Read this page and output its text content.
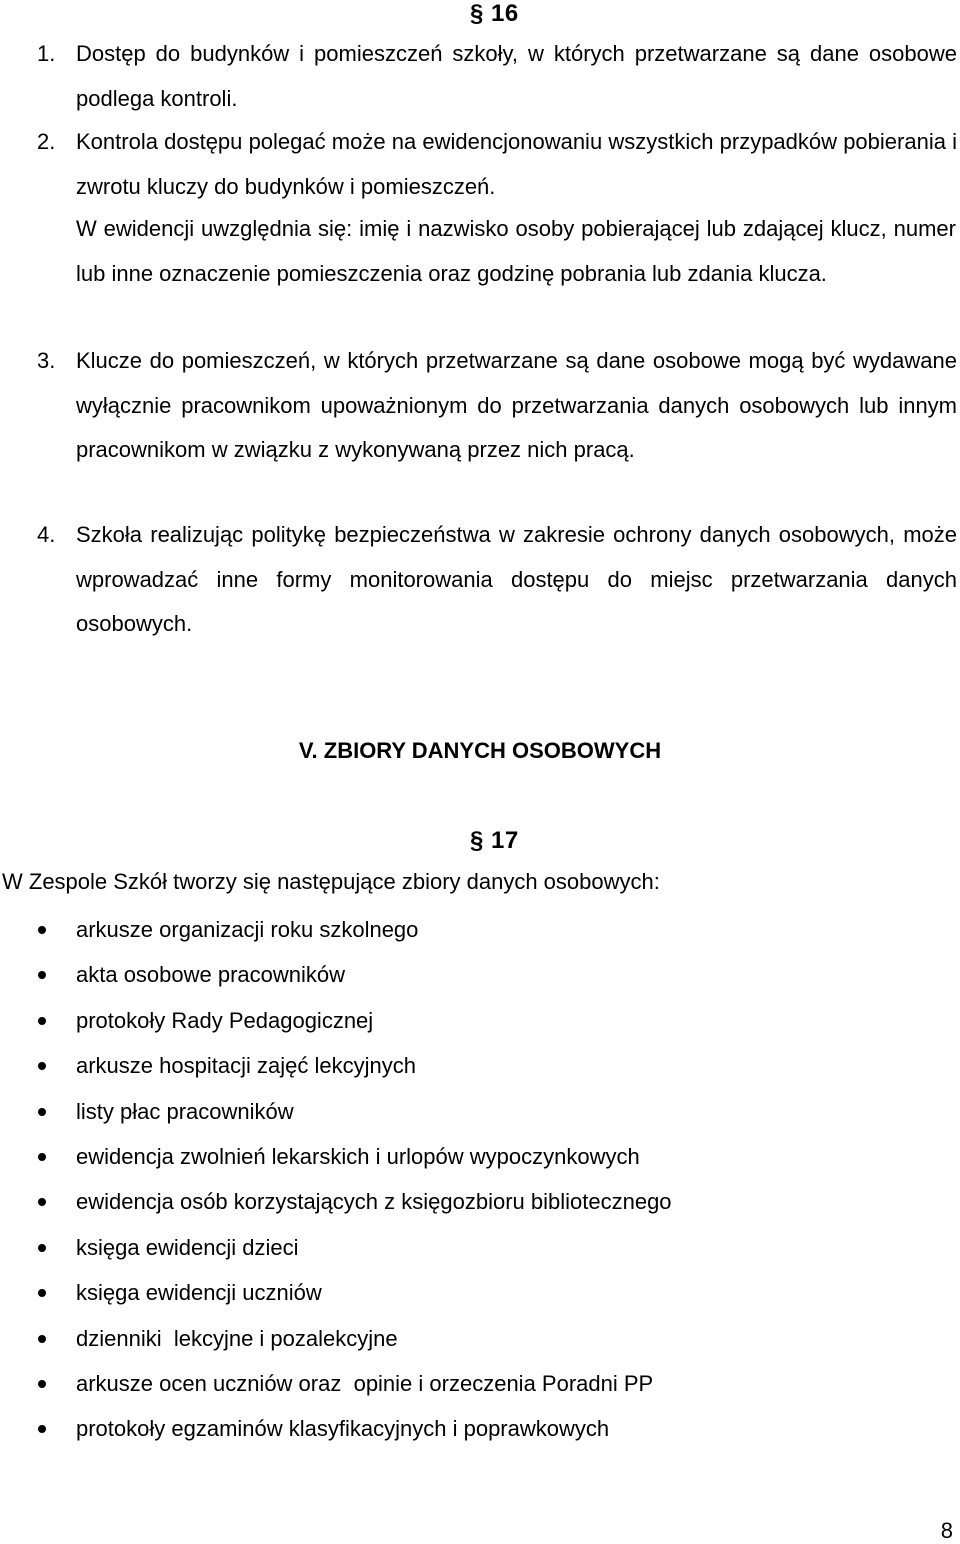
§ 16
1. Dostęp do budynków i pomieszczeń szkoły, w których przetwarzane są dane osobowe podlega kontroli.
2. Kontrola dostępu polegać może na ewidencjonowaniu wszystkich przypadków pobierania i zwrotu kluczy do budynków i pomieszczeń.
W ewidencji uwzględnia się: imię i nazwisko osoby pobierającej lub zdającej klucz, numer lub inne oznaczenie pomieszczenia oraz godzinę pobrania lub zdania klucza.
3. Klucze do pomieszczeń, w których przetwarzane są dane osobowe mogą być wydawane wyłącznie pracownikom upoważnionym do przetwarzania danych osobowych lub innym pracownikom w związku z wykonywaną przez nich pracą.
4. Szkoła realizując politykę bezpieczeństwa w zakresie ochrony danych osobowych, może wprowadzać inne formy monitorowania dostępu do miejsc przetwarzania danych osobowych.
V. ZBIORY DANYCH OSOBOWYCH
§ 17
W Zespole Szkół tworzy się następujące zbiory danych osobowych:
arkusze organizacji roku szkolnego
akta osobowe pracowników
protokoły Rady Pedagogicznej
arkusze hospitacji zajęć lekcyjnych
listy płac pracowników
ewidencja zwolnień lekarskich i urlopów wypoczynkowych
ewidencja osób korzystających z księgozbioru bibliotecznego
księga ewidencji dzieci
księga ewidencji uczniów
dzienniki  lekcyjne i pozalekcyjne
arkusze ocen uczniów oraz  opinie i orzeczenia Poradni PP
protokoły egzaminów klasyfikacyjnych i poprawkowych
8
